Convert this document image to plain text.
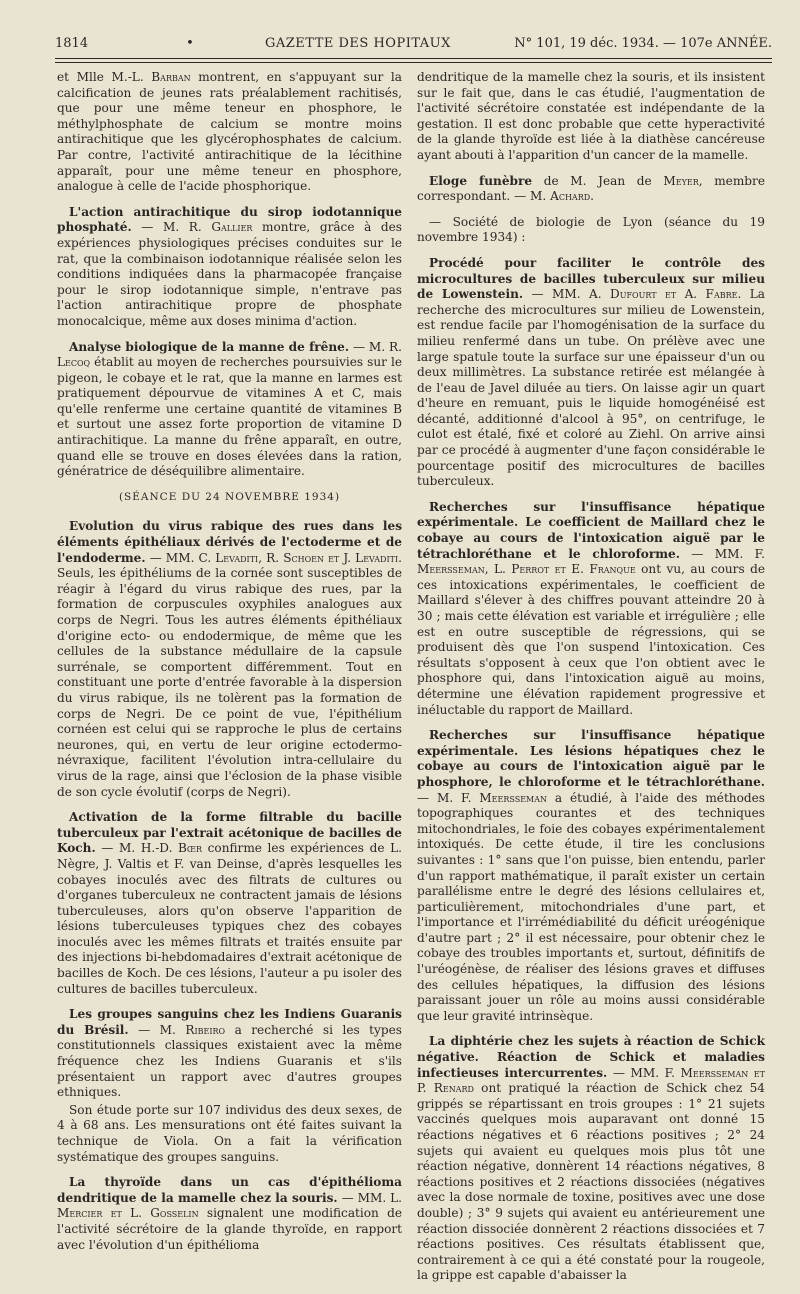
1814	•	GAZETTE DES HOPITAUX	N° 101, 19 déc. 1934. — 107e ANNÉE.

et Mlle M.-L. Barban montrent, en s'appuyant sur la calcification de jeunes rats préalablement rachitisés, que pour une même teneur en phosphore, le méthylphosphate de calcium se montre moins antirachitique que les glycérophosphates de calcium. Par contre, l'activité antirachitique de la lécithine apparaît, pour une même teneur en phosphore, analogue à celle de l'acide phosphorique.

L'action antirachitique du sirop iodotannique phosphaté. — M. R. Gallier montre, grâce à des expériences physiologiques précises conduites sur le rat, que la combinaison iodotannique réalisée selon les conditions indiquées dans la pharmacopée française pour le sirop iodotannique simple, n'entrave pas l'action antirachitique propre de phosphate monocalcique, même aux doses minima d'action.

Analyse biologique de la manne de frêne. — M. R. Lecoq établit au moyen de recherches poursuivies sur le pigeon, le cobaye et le rat, que la manne en larmes est pratiquement dépourvue de vitamines A et C, mais qu'elle renferme une certaine quantité de vitamines B et surtout une assez forte proportion de vitamine D antirachitique. La manne du frêne apparaît, en outre, quand elle se trouve en doses élevées dans la ration, génératrice de déséquilibre alimentaire.

(SÉANCE DU 24 NOVEMBRE 1934)

Evolution du virus rabique des rues dans les éléments épithéliaux dérivés de l'ectoderme et de l'endoderme. — MM. C. Levaditi, R. Schoen et J. Levaditi. Seuls, les épithéliums de la cornée sont susceptibles de réagir à l'égard du virus rabique des rues, par la formation de corpuscules oxyphiles analogues aux corps de Negri. Tous les autres éléments épithéliaux d'origine ecto- ou endodermique, de même que les cellules de la substance médullaire de la capsule surrénale, se comportent différemment. Tout en constituant une porte d'entrée favorable à la dispersion du virus rabique, ils ne tolèrent pas la formation de corps de Negri. De ce point de vue, l'épithélium cornéen est celui qui se rapproche le plus de certains neurones, qui, en vertu de leur origine ectodermo-névraxique, facilitent l'évolution intra-cellulaire du virus de la rage, ainsi que l'éclosion de la phase visible de son cycle évolutif (corps de Negri).

Activation de la forme filtrable du bacille tuberculeux par l'extrait acétonique de bacilles de Koch. — M. H.-D. Bœr confirme les expériences de L. Nègre, J. Valtis et F. van Deinse, d'après lesquelles les cobayes inoculés avec des filtrats de cultures ou d'organes tuberculeux ne contractent jamais de lésions tuberculeuses, alors qu'on observe l'apparition de lésions tuberculeuses typiques chez des cobayes inoculés avec les mêmes filtrats et traités ensuite par des injections bi-hebdomadaires d'extrait acétonique de bacilles de Koch. De ces lésions, l'auteur a pu isoler des cultures de bacilles tuberculeux.

Les groupes sanguins chez les Indiens Guaranis du Brésil. — M. Ribeiro a recherché si les types constitutionnels classiques existaient avec la même fréquence chez les Indiens Guaranis et s'ils présentaient un rapport avec d'autres groupes ethniques.

Son étude porte sur 107 individus des deux sexes, de 4 à 68 ans. Les mensurations ont été faites suivant la technique de Viola. On a fait la vérification systématique des groupes sanguins.

La thyroïde dans un cas d'épithélioma dendritique de la mamelle chez la souris. — MM. L. Mercier et L. Gosselin signalent une modification de l'activité sécrétoire de la glande thyroïde, en rapport avec l'évolution d'un épithélioma

dendritique de la mamelle chez la souris, et ils insistent sur le fait que, dans le cas étudié, l'augmentation de l'activité sécrétoire constatée est indépendante de la gestation. Il est donc probable que cette hyperactivité de la glande thyroïde est liée à la diathèse cancéreuse ayant abouti à l'apparition d'un cancer de la mamelle.

Eloge funèbre de M. Jean de Meyer, membre correspondant. — M. Achard.

— Société de biologie de Lyon (séance du 19 novembre 1934) :

Procédé pour faciliter le contrôle des microcultures de bacilles tuberculeux sur milieu de Lowenstein. — MM. A. Dufourt et A. Fabre. La recherche des microcultures sur milieu de Lowenstein, est rendue facile par l'homogénisation de la surface du milieu renfermé dans un tube. On prélève avec une large spatule toute la surface sur une épaisseur d'un ou deux millimètres. La substance retirée est mélangée à de l'eau de Javel diluée au tiers. On laisse agir un quart d'heure en remuant, puis le liquide homogénéisé est décanté, additionné d'alcool à 95°, on centrifuge, le culot est étalé, fixé et coloré au Ziehl. On arrive ainsi par ce procédé à augmenter d'une façon considérable le pourcentage positif des microcultures de bacilles tuberculeux.

Recherches sur l'insuffisance hépatique expérimentale. Le coefficient de Maillard chez le cobaye au cours de l'intoxication aiguë par le tétrachloréthane et le chloroforme. — MM. F. Meersseman, L. Perrot et E. Franque ont vu, au cours de ces intoxications expérimentales, le coefficient de Maillard s'élever à des chiffres pouvant atteindre 20 à 30 ; mais cette élévation est variable et irrégulière ; elle est en outre susceptible de régressions, qui se produisent dès que l'on suspend l'intoxication. Ces résultats s'opposent à ceux que l'on obtient avec le phosphore qui, dans l'intoxication aiguë au moins, détermine une élévation rapidement progressive et inéluctable du rapport de Maillard.

Recherches sur l'insuffisance hépatique expérimentale. Les lésions hépatiques chez le cobaye au cours de l'intoxication aiguë par le phosphore, le chloroforme et le tétrachloréthane. — M. F. Meersseman a étudié, à l'aide des méthodes topographiques courantes et des techniques mitochondriales, le foie des cobayes expérimentalement intoxiqués. De cette étude, il tire les conclusions suivantes : 1° sans que l'on puisse, bien entendu, parler d'un rapport mathématique, il paraît exister un certain parallélisme entre le degré des lésions cellulaires et, particulièrement, mitochondriales d'une part, et l'importance et l'irrémédiabilité du déficit uréogénique d'autre part ; 2° il est nécessaire, pour obtenir chez le cobaye des troubles importants et, surtout, définitifs de l'uréogénèse, de réaliser des lésions graves et diffuses des cellules hépatiques, la diffusion des lésions paraissant jouer un rôle au moins aussi considérable que leur gravité intrinsèque.

La diphtérie chez les sujets à réaction de Schick négative. Réaction de Schick et maladies infectieuses intercurrentes. — MM. F. Meersseman et P. Renard ont pratiqué la réaction de Schick chez 54 grippés se répartissant en trois groupes : 1° 21 sujets vaccinés quelques mois auparavant ont donné 15 réactions négatives et 6 réactions positives ; 2° 24 sujets qui avaient eu quelques mois plus tôt une réaction négative, donnèrent 14 réactions négatives, 8 réactions positives et 2 réactions dissociées (négatives avec la dose normale de toxine, positives avec une dose double) ; 3° 9 sujets qui avaient eu antérieurement une réaction dissociée donnèrent 2 réactions dissociées et 7 réactions positives. Ces résultats établissent que, contrairement à ce qui a été constaté pour la rougeole, la grippe est capable d'abaisser la
